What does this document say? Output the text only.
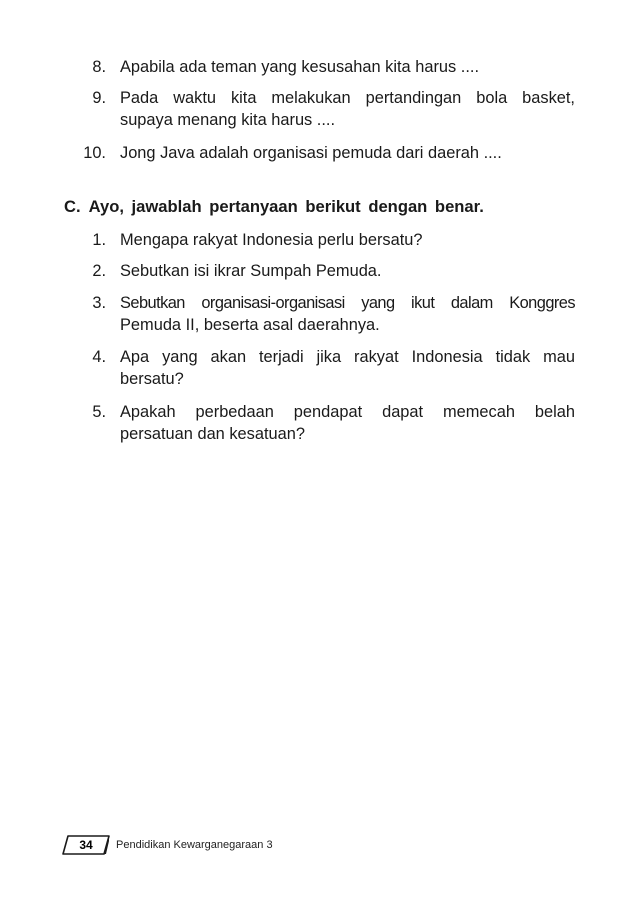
8. Apabila ada teman yang kesusahan kita harus ....
9. Pada waktu kita melakukan pertandingan bola basket,
supaya menang kita harus ....
10. Jong Java adalah organisasi pemuda dari daerah ....
C. Ayo, jawablah pertanyaan berikut dengan benar.
1. Mengapa rakyat Indonesia perlu bersatu?
2. Sebutkan isi ikrar Sumpah Pemuda.
3. Sebutkan organisasi-organisasi yang ikut dalam Konggres
Pemuda II, beserta asal daerahnya.
4. Apa yang akan terjadi jika rakyat Indonesia tidak mau
bersatu?
5. Apakah perbedaan pendapat dapat memecah belah
persatuan dan kesatuan?
34	Pendidikan Kewarganegaraan 3
